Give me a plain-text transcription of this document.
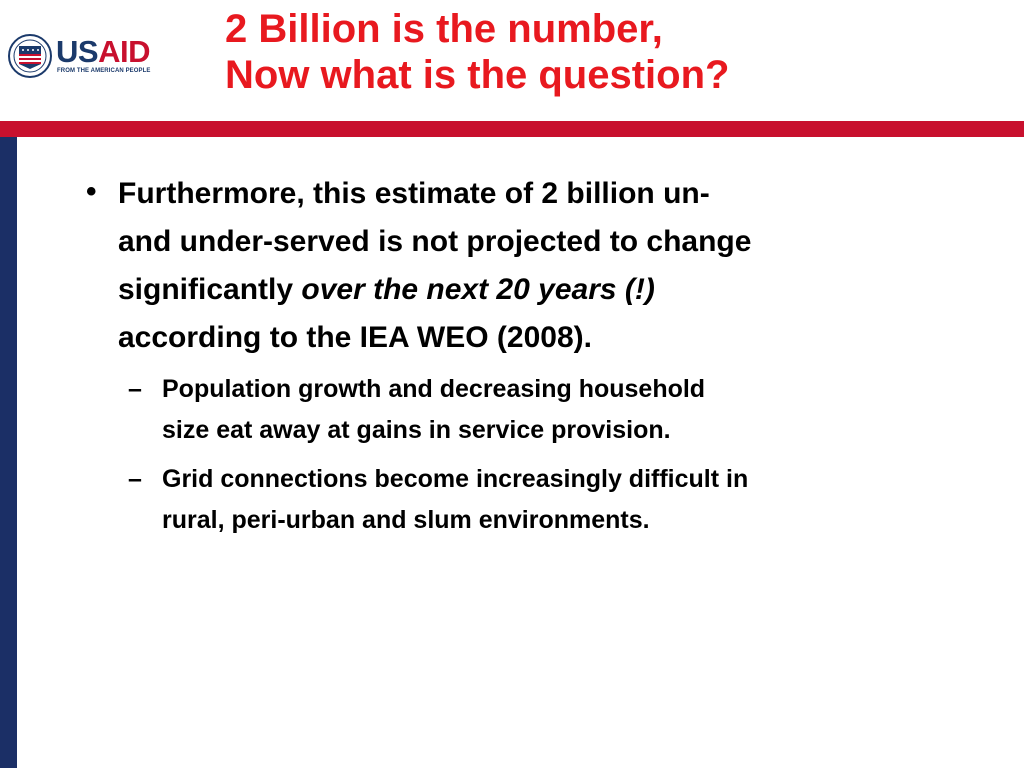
USAID
FROM THE AMERICAN PEOPLE
2 Billion is the number,
Now what is the question?
• Furthermore, this estimate of 2 billion un-
and under-served is not projected to change
significantly over the next 20 years (!)
according to the IEA WEO (2008).

– Population growth and decreasing household
size eat away at gains in service provision.

– Grid connections become increasingly difficult in
rural, peri-urban and slum environments.
